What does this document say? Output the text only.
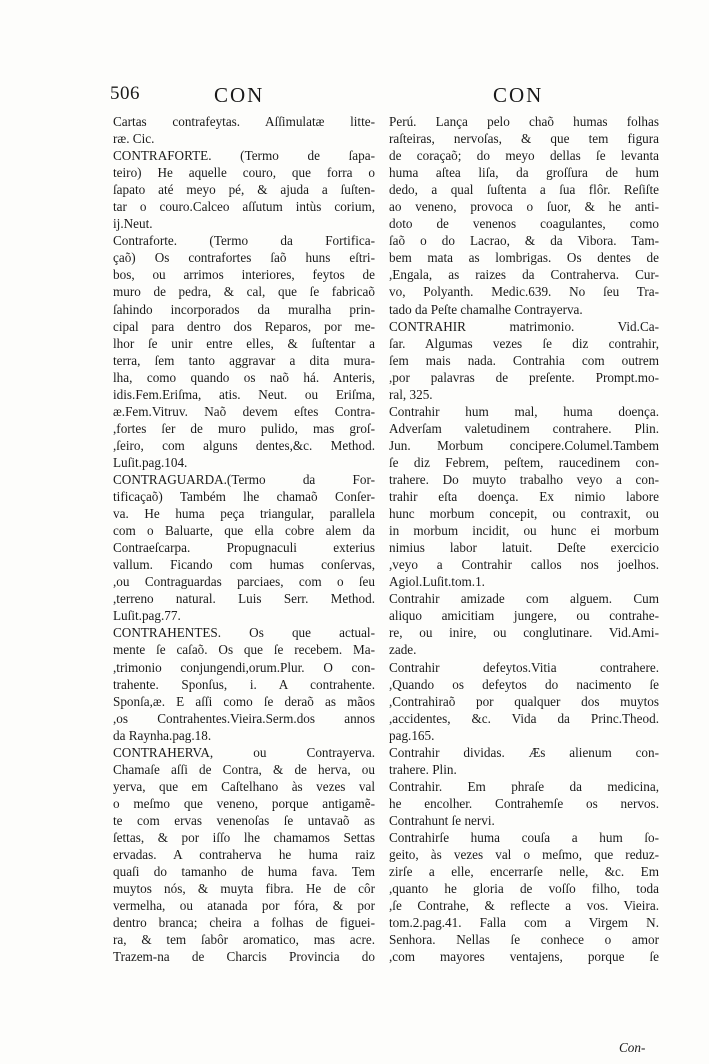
506	CON	CON
Cartas contrafeytas. Aſſimulatæ litte-
ræ. Cic.
CONTRAFORTE. (Termo de ſapa-
teiro) He aquelle couro, que forra o
ſapato até meyo pé, & ajuda a ſuſten-
tar o couro.Calceo aſſutum intùs corium,
ij.Neut.
Contraforte. (Termo da Fortifica-
çaõ) Os contrafortes ſaõ huns eſtri-
bos, ou arrimos interiores, feytos de
muro de pedra, & cal, que ſe fabricaõ
ſahindo incorporados da muralha prin-
cipal para dentro dos Reparos, por me-
lhor ſe unir entre elles, & ſuſtentar a
terra, ſem tanto aggravar a dita mura-
lha, como quando os naõ há. Anteris,
idis.Fem.Eriſma, atis. Neut. ou Eriſma,
æ.Fem.Vitruv. Naõ devem eſtes Contra-
,fortes ſer de muro pulido, mas groſ-
,ſeiro, com alguns dentes,&c. Method.
Luſit.pag.104.
CONTRAGUARDA.(Termo da For-
tificaçaõ) Também lhe chamaõ Conſer-
va. He huma peça triangular, parallela
com o Baluarte, que ella cobre alem da
Contraeſcarpa. Propugnaculi exterius
vallum. Ficando com humas conſervas,
,ou Contraguardas parciaes, com o ſeu
,terreno natural. Luis Serr. Method.
Luſit.pag.77.
CONTRAHENTES. Os que actual-
mente ſe caſaõ. Os que ſe recebem. Ma-
,trimonio conjungendi,orum.Plur. O con-
trahente. Sponſus, i. A contrahente.
Sponſa,æ. E aſſi como ſe deraõ as mãos
,os Contrahentes.Vieira.Serm.dos annos
da Raynha.pag.18.
CONTRAHERVA, ou Contrayerva.
Chamaſe aſſi de Contra, & de herva, ou
yerva, que em Caſtelhano às vezes val
o meſmo que veneno, porque antigamẽ-
te com ervas venenoſas ſe untavaõ as
ſettas, & por iſſo lhe chamamos Settas
ervadas. A contraherva he huma raiz
quaſi do tamanho de huma fava. Tem
muytos nós, & muyta fibra. He de côr
vermelha, ou atanada por fóra, & por
dentro branca; cheira a folhas de figuei-
ra, & tem ſabôr aromatico, mas acre.
Trazem-na de Charcis Provincia do
Perú. Lança pelo chaõ humas folhas
raſteiras, nervoſas, & que tem figura
de coraçaõ; do meyo dellas ſe levanta
huma aſtea liſa, da groſſura de hum
dedo, a qual ſuſtenta a ſua flôr. Reſiſte
ao veneno, provoca o ſuor, & he anti-
doto de venenos coagulantes, como
ſaõ o do Lacrao, & da Vibora. Tam-
bem mata as lombrigas. Os dentes de
,Engala, as raizes da Contraherva. Cur-
vo, Polyanth. Medic.639. No ſeu Tra-
tado da Peſte chamalhe Contrayerva.
CONTRAHIR matrimonio. Vid.Ca-
ſar. Algumas vezes ſe diz contrahir,
ſem mais nada. Contrahia com outrem
,por palavras de preſente. Prompt.mo-
ral, 325.
Contrahir hum mal, huma doença.
Adverſam valetudinem contrahere. Plin.
Jun. Morbum concipere.Columel.Tambem
ſe diz Febrem, peſtem, raucedinem con-
trahere. Do muyto trabalho veyo a con-
trahir eſta doença. Ex nimio labore
hunc morbum concepit, ou contraxit, ou
in morbum incidit, ou hunc ei morbum
nimius labor latuit. Deſte exercicio
,veyo a Contrahir callos nos joelhos.
Agiol.Luſit.tom.1.
Contrahir amizade com alguem. Cum
aliquo amicitiam jungere, ou contrahe-
re, ou inire, ou conglutinare. Vid.Ami-
zade.
Contrahir defeytos.Vitia contrahere.
,Quando os defeytos do nacimento ſe
,Contrahiraõ por qualquer dos muytos
,accidentes, &c. Vida da Princ.Theod.
pag.165.
Contrahir dividas. Æs alienum con-
trahere. Plin.
Contrahir. Em phraſe da medicina,
he encolher. Contrahemſe os nervos.
Contrahunt ſe nervi.
Contrahirſe huma couſa a hum ſo-
geito, às vezes val o meſmo, que reduz-
zirſe a elle, encerrarſe nelle, &c. Em
,quanto he gloria de voſſo filho, toda
,ſe Contrahe, & reflecte a vos. Vieira.
tom.2.pag.41. Falla com a Virgem N.
Senhora. Nellas ſe conhece o amor
,com mayores ventajens, porque ſe
Con-
